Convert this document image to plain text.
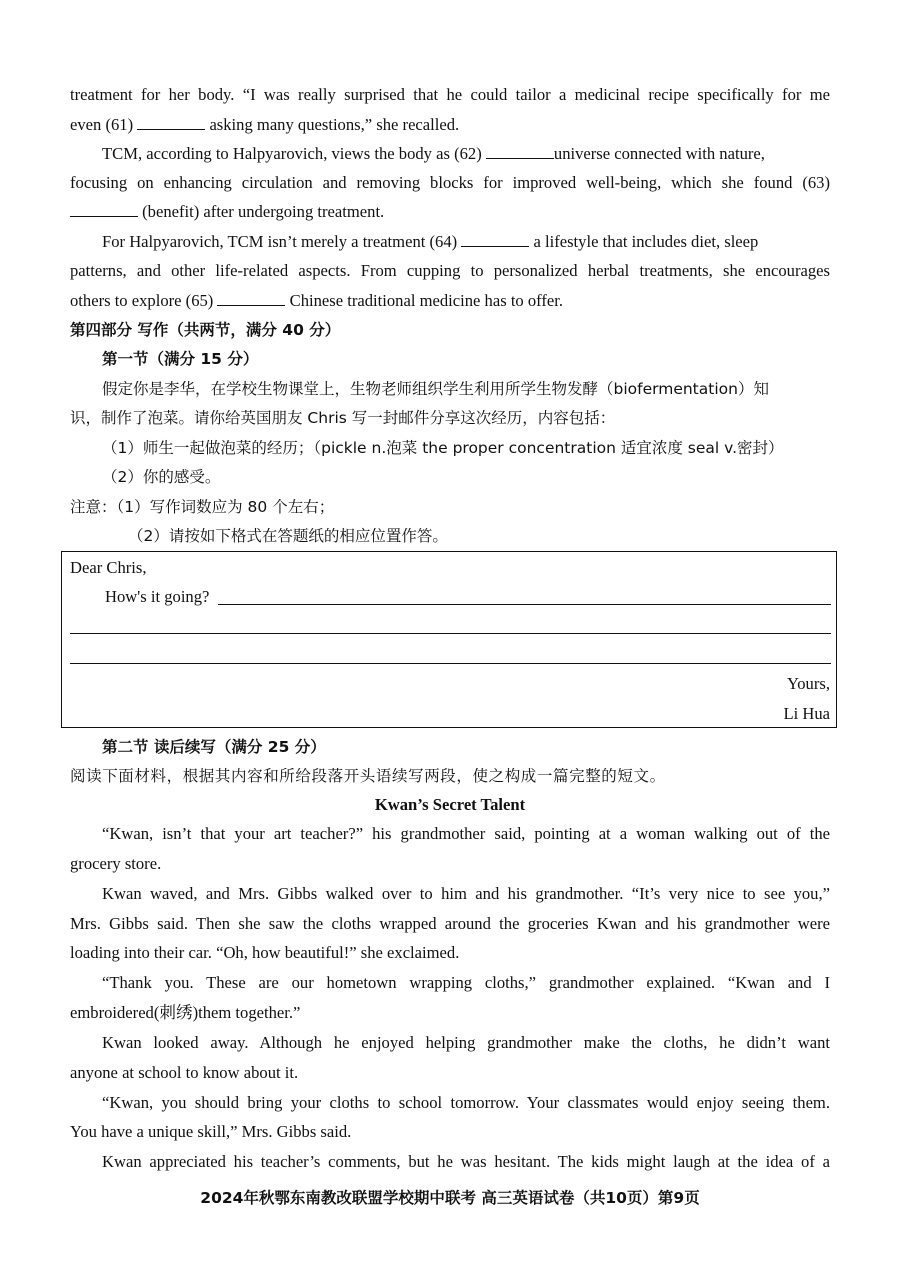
treatment for her body. “I was really surprised that he could tailor a medicinal recipe specifically for me
even (61)	asking many questions,” she recalled.
TCM, according to Halpyarovich, views the body as (62)	universe connected with nature,
focusing on enhancing circulation and removing blocks for improved well-being, which she found (63)
(benefit) after undergoing treatment.
For Halpyarovich, TCM isn’t merely a treatment (64)	a lifestyle that includes diet, sleep
patterns, and other life-related aspects. From cupping to personalized herbal treatments, she encourages
others to explore (65)	Chinese traditional medicine has to offer.
第四部分 写作（共两节，满分 40 分）
第一节（满分 15 分）
假定你是李华，在学校生物课堂上，生物老师组织学生利用所学生物发酵（biofermentation）知
识，制作了泡菜。请你给英国朋友 Chris 写一封邮件分享这次经历，内容包括：
（1）师生一起做泡菜的经历；（pickle n.泡菜 the proper concentration 适宜浓度 seal v.密封）
（2）你的感受。
注意：（1）写作词数应为 80 个左右；
（2）请按如下格式在答题纸的相应位置作答。
Dear Chris,
How's it going?
Yours,
Li Hua
第二节 读后续写（满分 25 分）
阅读下面材料，根据其内容和所给段落开头语续写两段，使之构成一篇完整的短文。
Kwan’s Secret Talent
“Kwan, isn’t that your art teacher?” his grandmother said, pointing at a woman walking out of the
grocery store.
Kwan waved, and Mrs. Gibbs walked over to him and his grandmother. “It’s very nice to see you,”
Mrs. Gibbs said. Then she saw the cloths wrapped around the groceries Kwan and his grandmother were
loading into their car. “Oh, how beautiful!” she exclaimed.
“Thank you. These are our hometown wrapping cloths,” grandmother explained. “Kwan and I
embroidered(刺绣)them together.”
Kwan looked away. Although he enjoyed helping grandmother make the cloths, he didn’t want
anyone at school to know about it.
“Kwan, you should bring your cloths to school tomorrow. Your classmates would enjoy seeing them.
You have a unique skill,” Mrs. Gibbs said.
Kwan appreciated his teacher’s comments, but he was hesitant. The kids might laugh at the idea of a
2024年秋鄂东南教改联盟学校期中联考 高三英语试卷（共10页）第9页
